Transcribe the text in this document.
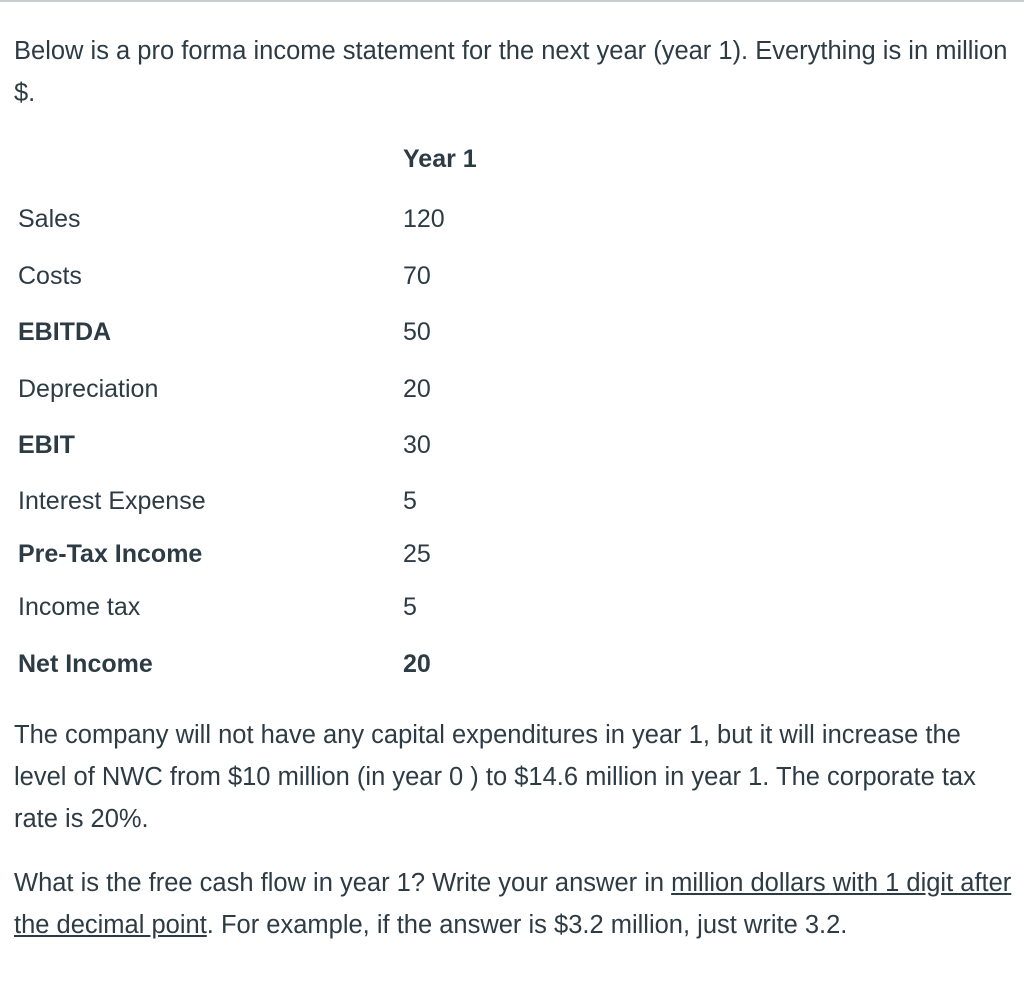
Below is a pro forma income statement for the next year (year 1). Everything is in million $.

Year 1
Sales	120
Costs	70
EBITDA	50
Depreciation	20
EBIT	30
Interest Expense	5
Pre-Tax Income	25
Income tax	5
Net Income	20

The company will not have any capital expenditures in year 1, but it will increase the level of NWC from $10 million (in year 0 ) to $14.6 million in year 1. The corporate tax rate is 20%.

What is the free cash flow in year 1? Write your answer in million dollars with 1 digit after the decimal point. For example, if the answer is $3.2 million, just write 3.2.
